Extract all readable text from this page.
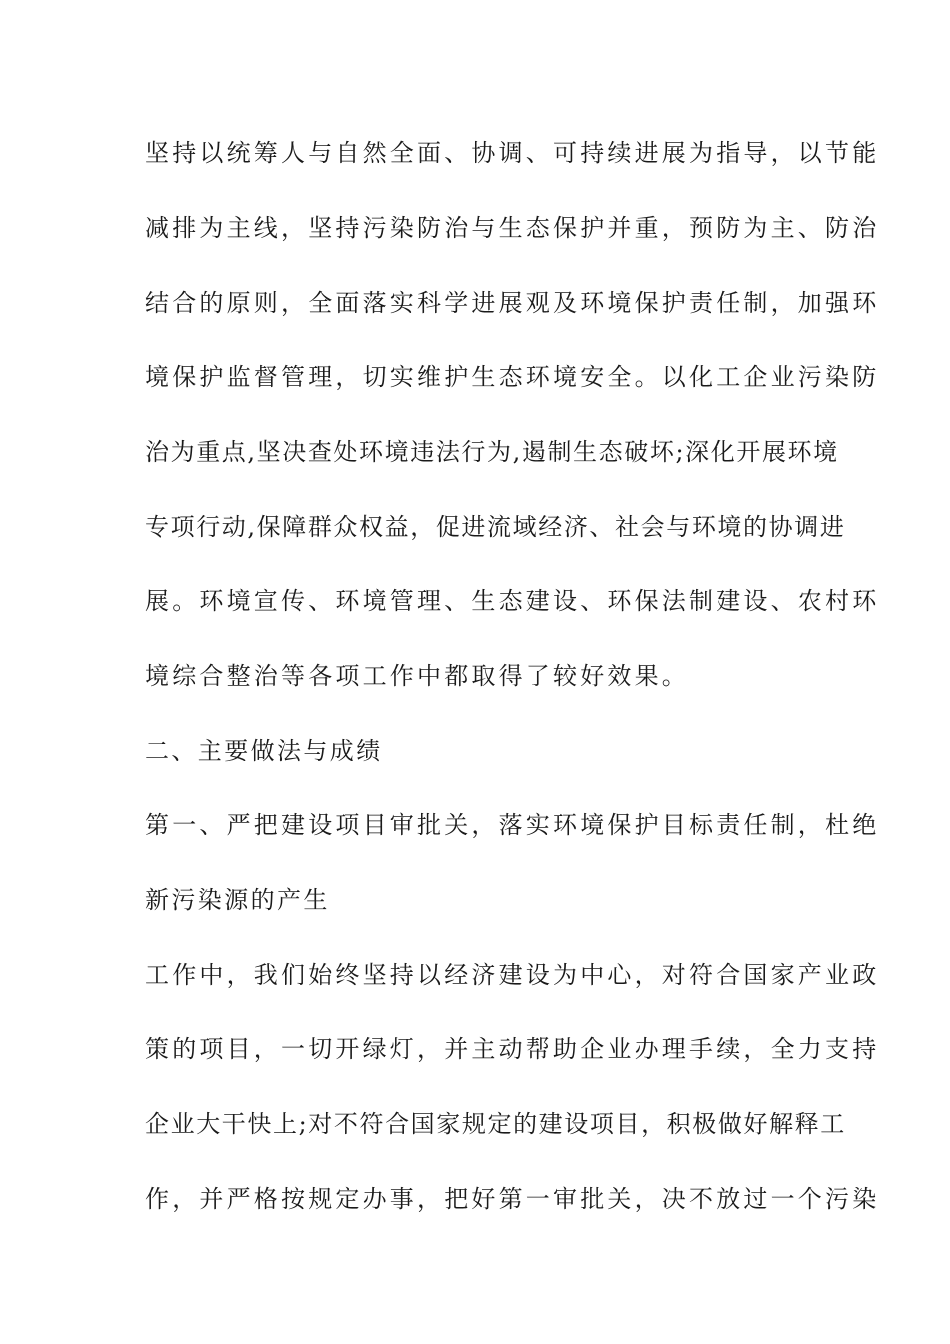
坚持以统筹人与自然全面、协调、可持续进展为指导，以节能
减排为主线，坚持污染防治与生态保护并重，预防为主、防治
结合的原则，全面落实科学进展观及环境保护责任制，加强环
境保护监督管理，切实维护生态环境安全。以化工企业污染防
治为重点,坚决查处环境违法行为,遏制生态破坏;深化开展环境
专项行动,保障群众权益，促进流域经济、社会与环境的协调进
展。环境宣传、环境管理、生态建设、环保法制建设、农村环
境综合整治等各项工作中都取得了较好效果。
二、主要做法与成绩
第一、严把建设项目审批关，落实环境保护目标责任制，杜绝
新污染源的产生
工作中，我们始终坚持以经济建设为中心，对符合国家产业政
策的项目，一切开绿灯，并主动帮助企业办理手续，全力支持
企业大干快上;对不符合国家规定的建设项目，积极做好解释工
作，并严格按规定办事，把好第一审批关，决不放过一个污染
